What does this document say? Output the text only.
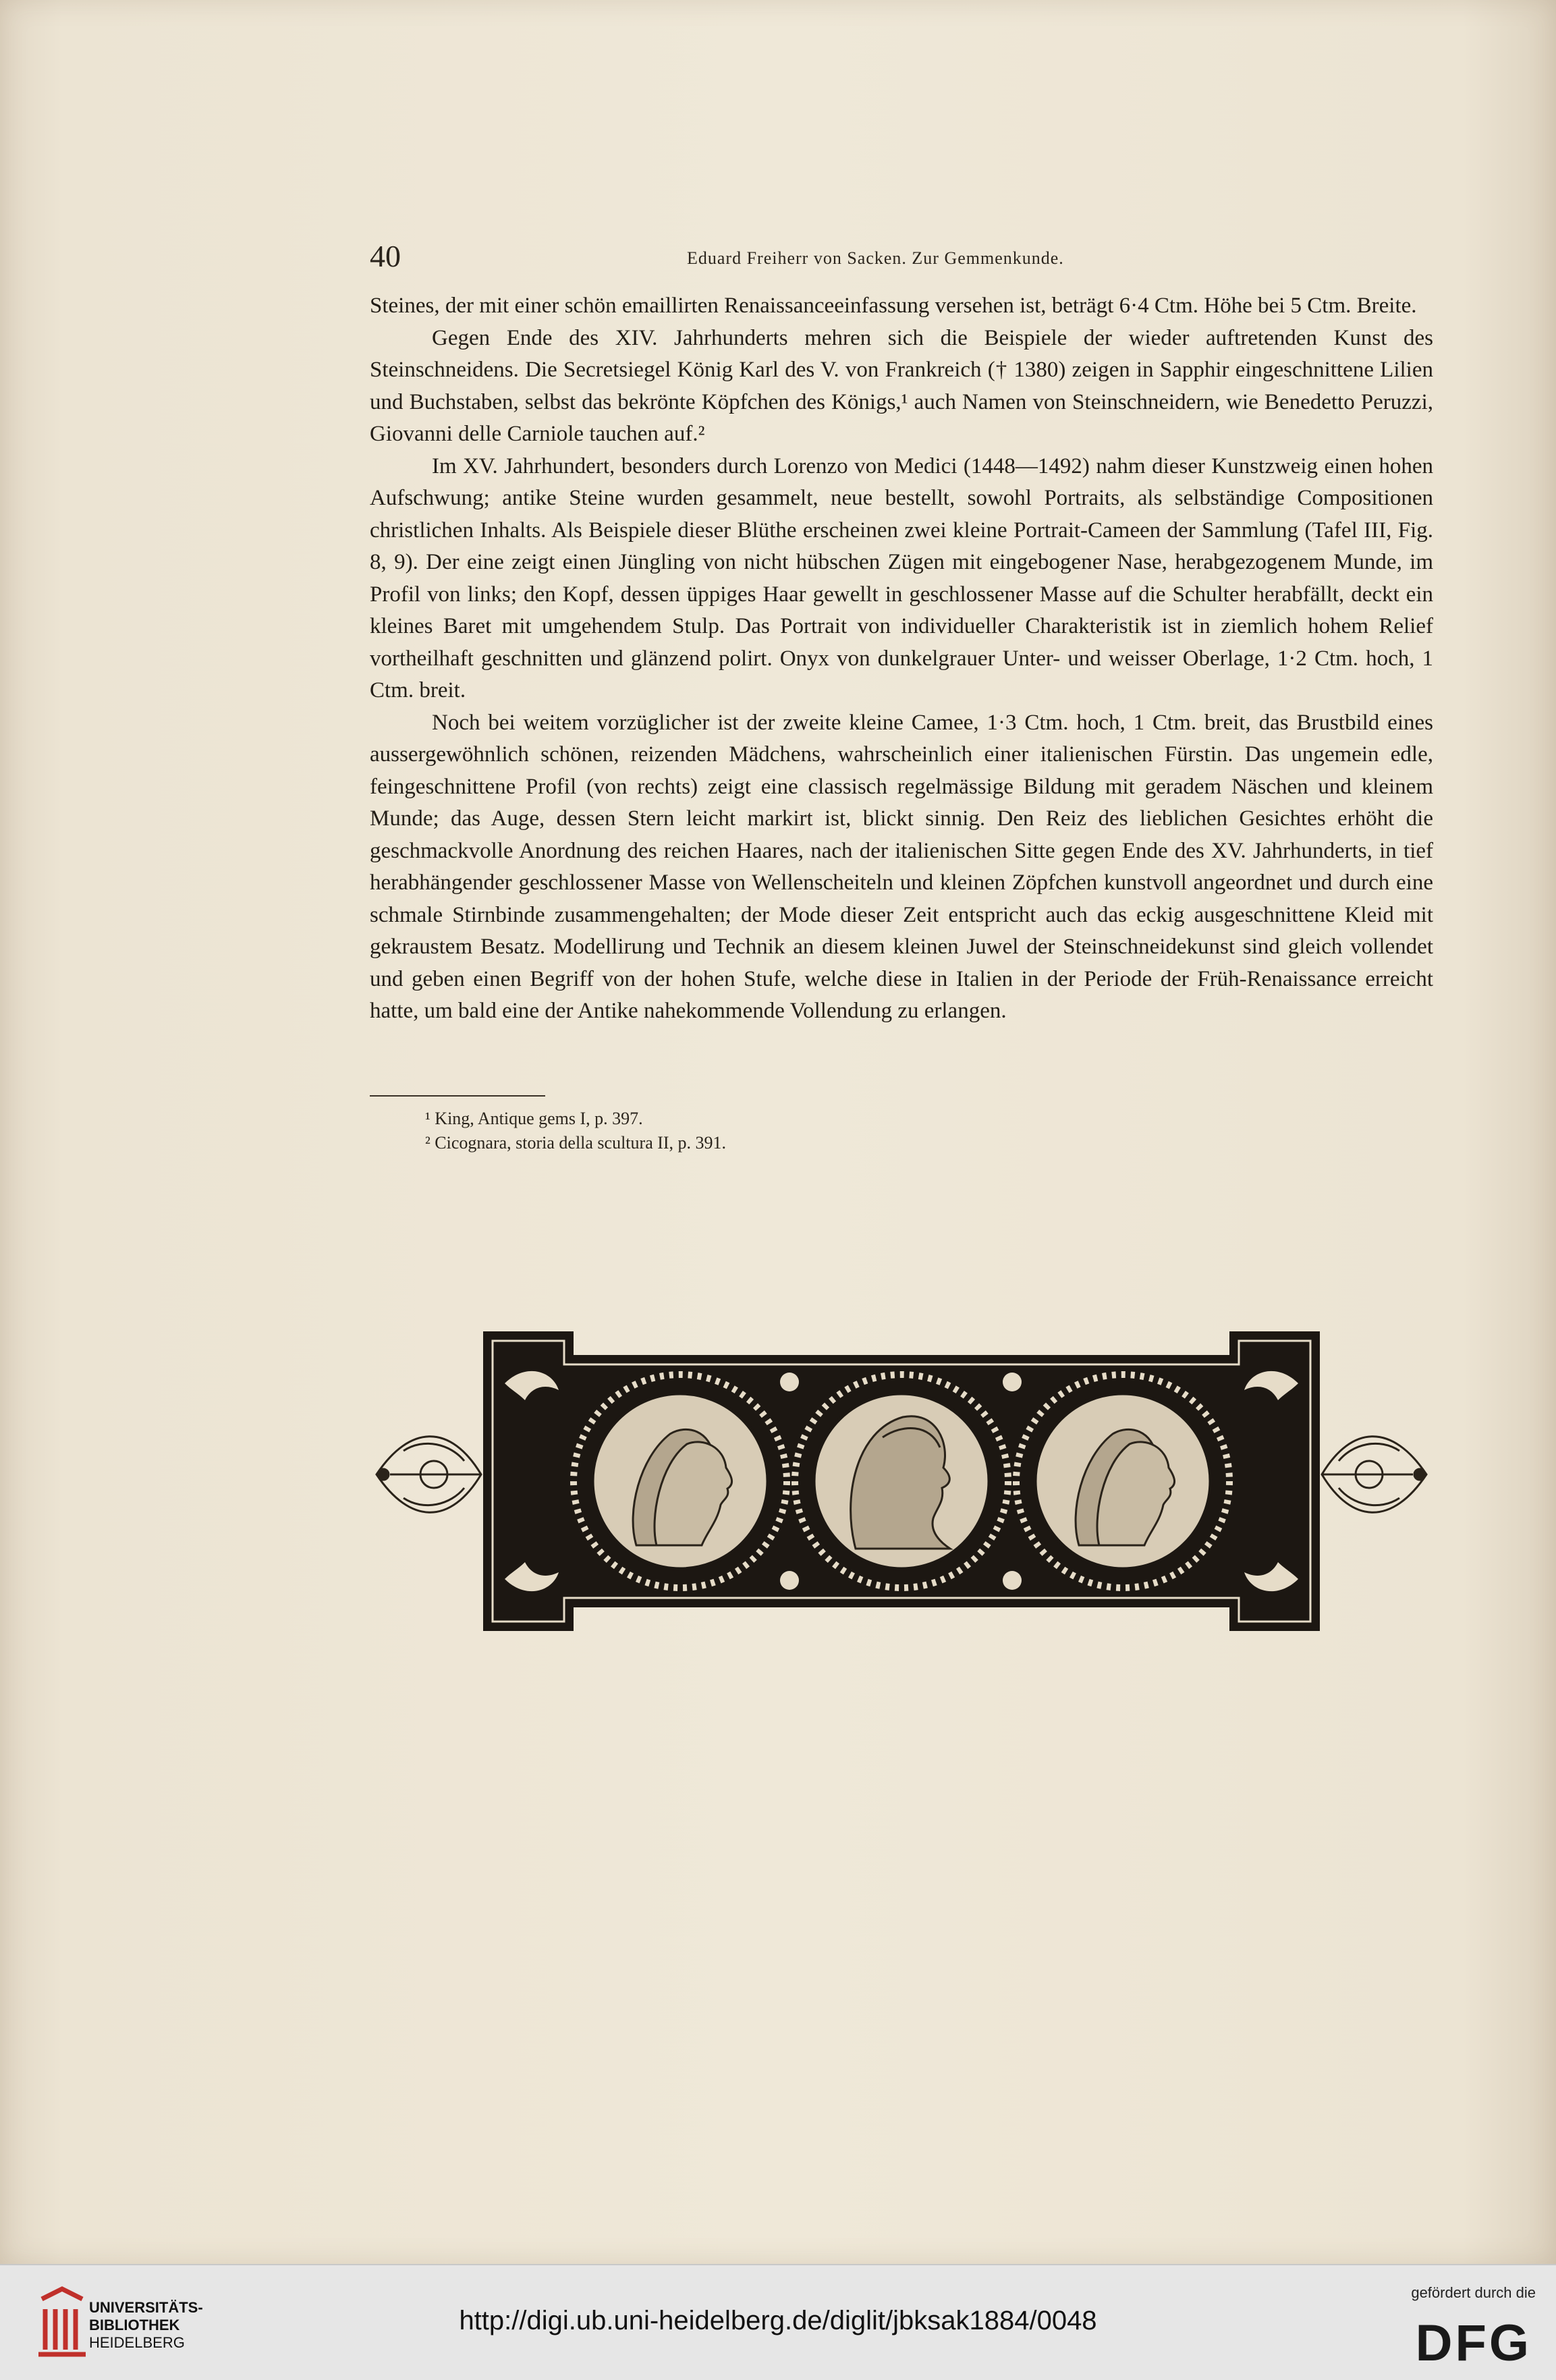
40	Eduard Freiherr von Sacken. Zur Gemmenkunde.

Steines, der mit einer schön emaillirten Renaissanceeinfassung versehen ist, beträgt 6·4 Ctm. Höhe bei 5 Ctm. Breite.

Gegen Ende des XIV. Jahrhunderts mehren sich die Beispiele der wieder auftretenden Kunst des Steinschneidens. Die Secretsiegel König Karl des V. von Frankreich († 1380) zeigen in Sapphir eingeschnittene Lilien und Buchstaben, selbst das bekrönte Köpfchen des Königs,¹ auch Namen von Steinschneidern, wie Benedetto Peruzzi, Giovanni delle Carniole tauchen auf.²

Im XV. Jahrhundert, besonders durch Lorenzo von Medici (1448—1492) nahm dieser Kunstzweig einen hohen Aufschwung; antike Steine wurden gesammelt, neue bestellt, sowohl Portraits, als selbständige Compositionen christlichen Inhalts. Als Beispiele dieser Blüthe erscheinen zwei kleine Portrait-Cameen der Sammlung (Tafel III, Fig. 8, 9). Der eine zeigt einen Jüngling von nicht hübschen Zügen mit eingebogener Nase, herabgezogenem Munde, im Profil von links; den Kopf, dessen üppiges Haar gewellt in geschlossener Masse auf die Schulter herabfällt, deckt ein kleines Baret mit umgehendem Stulp. Das Portrait von individueller Charakteristik ist in ziemlich hohem Relief vortheilhaft geschnitten und glänzend polirt. Onyx von dunkelgrauer Unter- und weisser Oberlage, 1·2 Ctm. hoch, 1 Ctm. breit.

Noch bei weitem vorzüglicher ist der zweite kleine Camee, 1·3 Ctm. hoch, 1 Ctm. breit, das Brustbild eines aussergewöhnlich schönen, reizenden Mädchens, wahrscheinlich einer italienischen Fürstin. Das ungemein edle, feingeschnittene Profil (von rechts) zeigt eine classisch regelmässige Bildung mit geradem Näschen und kleinem Munde; das Auge, dessen Stern leicht markirt ist, blickt sinnig. Den Reiz des lieblichen Gesichtes erhöht die geschmackvolle Anordnung des reichen Haares, nach der italienischen Sitte gegen Ende des XV. Jahrhunderts, in tief herabhängender geschlossener Masse von Wellenscheiteln und kleinen Zöpfchen kunstvoll angeordnet und durch eine schmale Stirnbinde zusammengehalten; der Mode dieser Zeit entspricht auch das eckig ausgeschnittene Kleid mit gekraustem Besatz. Modellirung und Technik an diesem kleinen Juwel der Steinschneidekunst sind gleich vollendet und geben einen Begriff von der hohen Stufe, welche diese in Italien in der Periode der Früh-Renaissance erreicht hatte, um bald eine der Antike nahekommende Vollendung zu erlangen.

¹ King, Antique gems I, p. 397.
² Cicognara, storia della scultura II, p. 391.
UNIVERSITÄTS-
BIBLIOTHEK
HEIDELBERG
http://digi.ub.uni-heidelberg.de/diglit/jbksak1884/0048
gefördert durch die
DFG
